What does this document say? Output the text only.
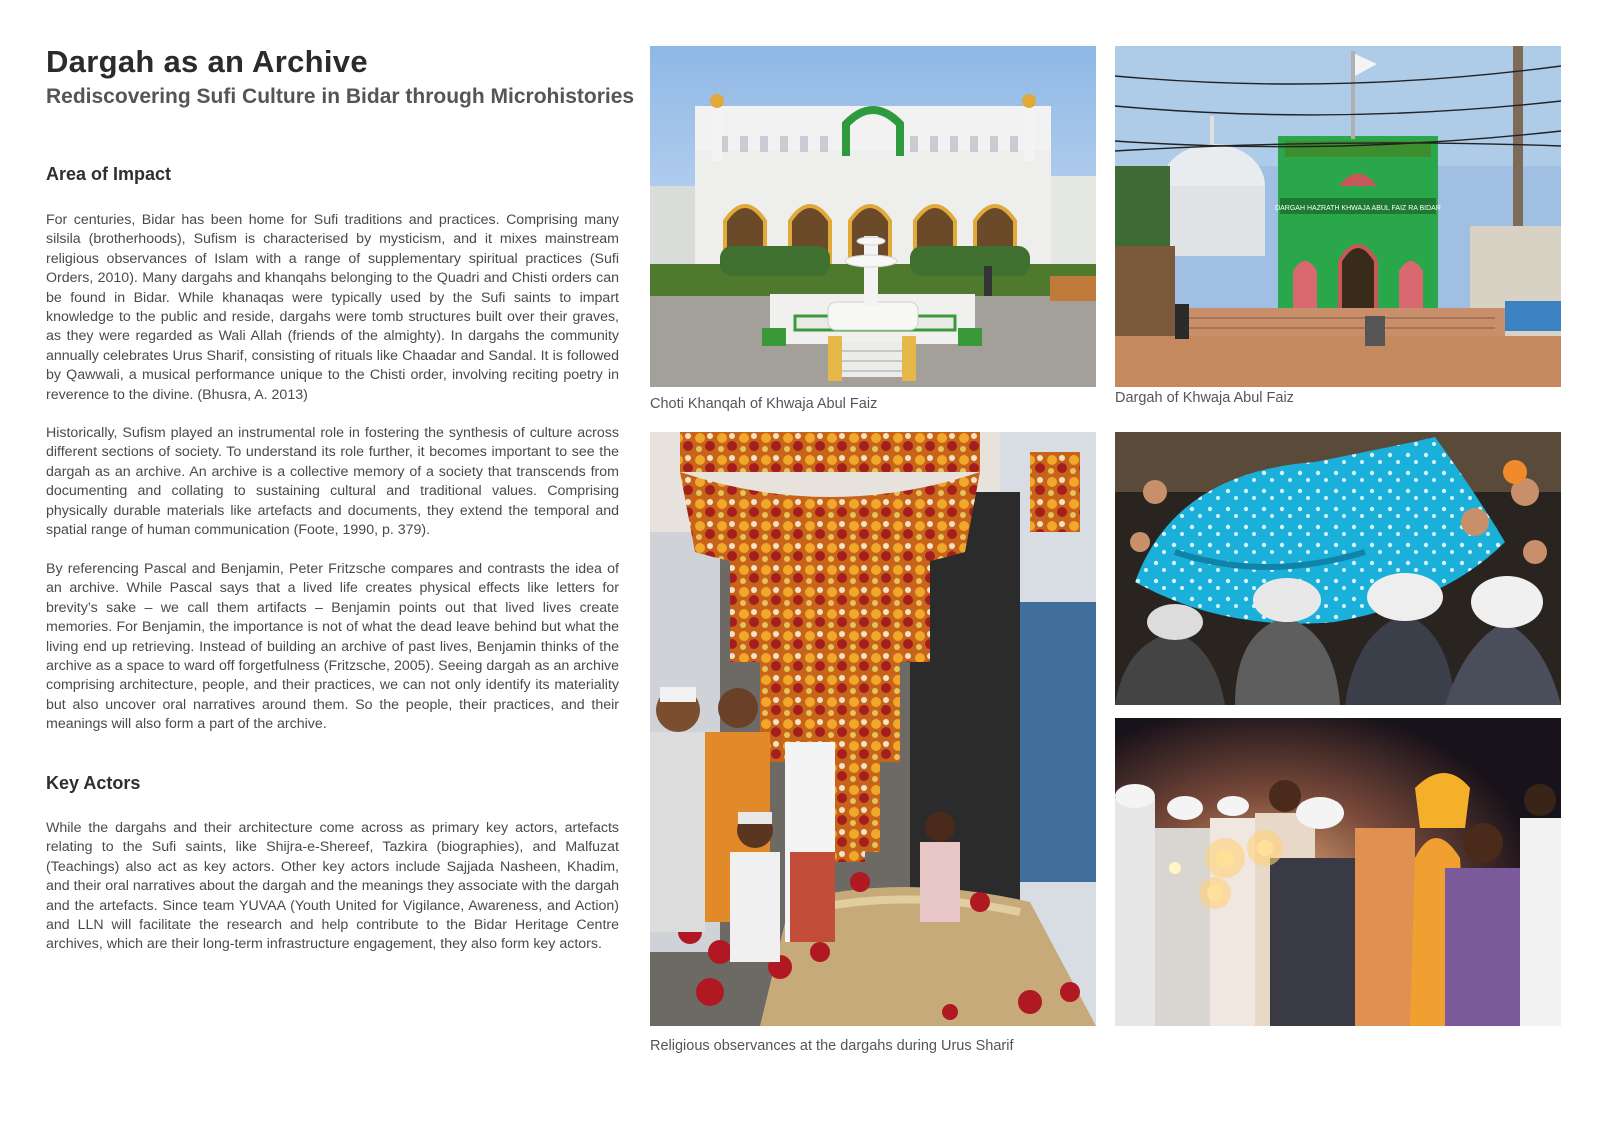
Dargah as an Archive
Rediscovering Sufi Culture in Bidar through Microhistories
Area of Impact

For centuries, Bidar has been home for Sufi traditions and practices. Comprising many silsila (brotherhoods), Sufism is characterised by mysticism, and it mixes mainstream religious observances of Islam with a range of supplementary spiritual practices (Sufi Orders, 2010). Many dargahs and khanqahs belonging to the Quadri and Chisti orders can be found in Bidar. While khanaqas were typically used by the Sufi saints to impart knowledge to the public and reside, dargahs were tomb structures built over their graves, as they were regarded as Wali Allah (friends of the almighty). In dargahs the community annually celebrates Urus Sharif, consisting of rituals like Chaadar and Sandal. It is followed by Qawwali, a musical performance unique to the Chisti order, involving reciting poetry in reverence to the divine. (Bhusra, A. 2013)

Historically, Sufism played an instrumental role in fostering the synthesis of culture across different sections of society. To understand its role further, it becomes important to see the dargah as an archive. An archive is a collective memory of a society that transcends from documenting and collating to sustaining cultural and traditional values. Comprising physically durable materials like artefacts and documents, they extend the temporal and spatial range of human communication (Foote, 1990, p. 379).

By referencing Pascal and Benjamin, Peter Fritzsche compares and contrasts the idea of an archive. While Pascal says that a lived life creates physical effects like letters for brevity’s sake – we call them artifacts – Benjamin points out that lived lives create memories. For Benjamin, the importance is not of what the dead leave behind but what the living end up retrieving. Instead of building an archive of past lives, Benjamin thinks of the archive as a space to ward off forgetfulness (Fritzsche, 2005). Seeing dargah as an archive comprising architecture, people, and their practices, we can not only identify its materiality but also uncover oral narratives around them. So the people, their practices, and their meanings will also form a part of the archive.

Key Actors

While the dargahs and their architecture come across as primary key actors, artefacts relating to the Sufi saints, like Shijra-e-Shereef, Tazkira (biographies), and Malfuzat (Teachings) also act as key actors. Other key actors include Sajjada Nasheen, Khadim, and their oral narratives about the dargah and the meanings they associate with the dargah and the artefacts. Since team YUVAA (Youth United for Vigilance, Awareness, and Action) and LLN will facilitate the research and help contribute to the Bidar Heritage Centre archives, which are their long-term infrastructure engagement, they also form key actors.

Choti Khanqah of Khwaja Abul Faiz

DARGAH HAZRATH KHWAJA ABUL FAIZ RA BIDAR

Dargah of Khwaja Abul Faiz

Religious observances at the dargahs during Urus Sharif
